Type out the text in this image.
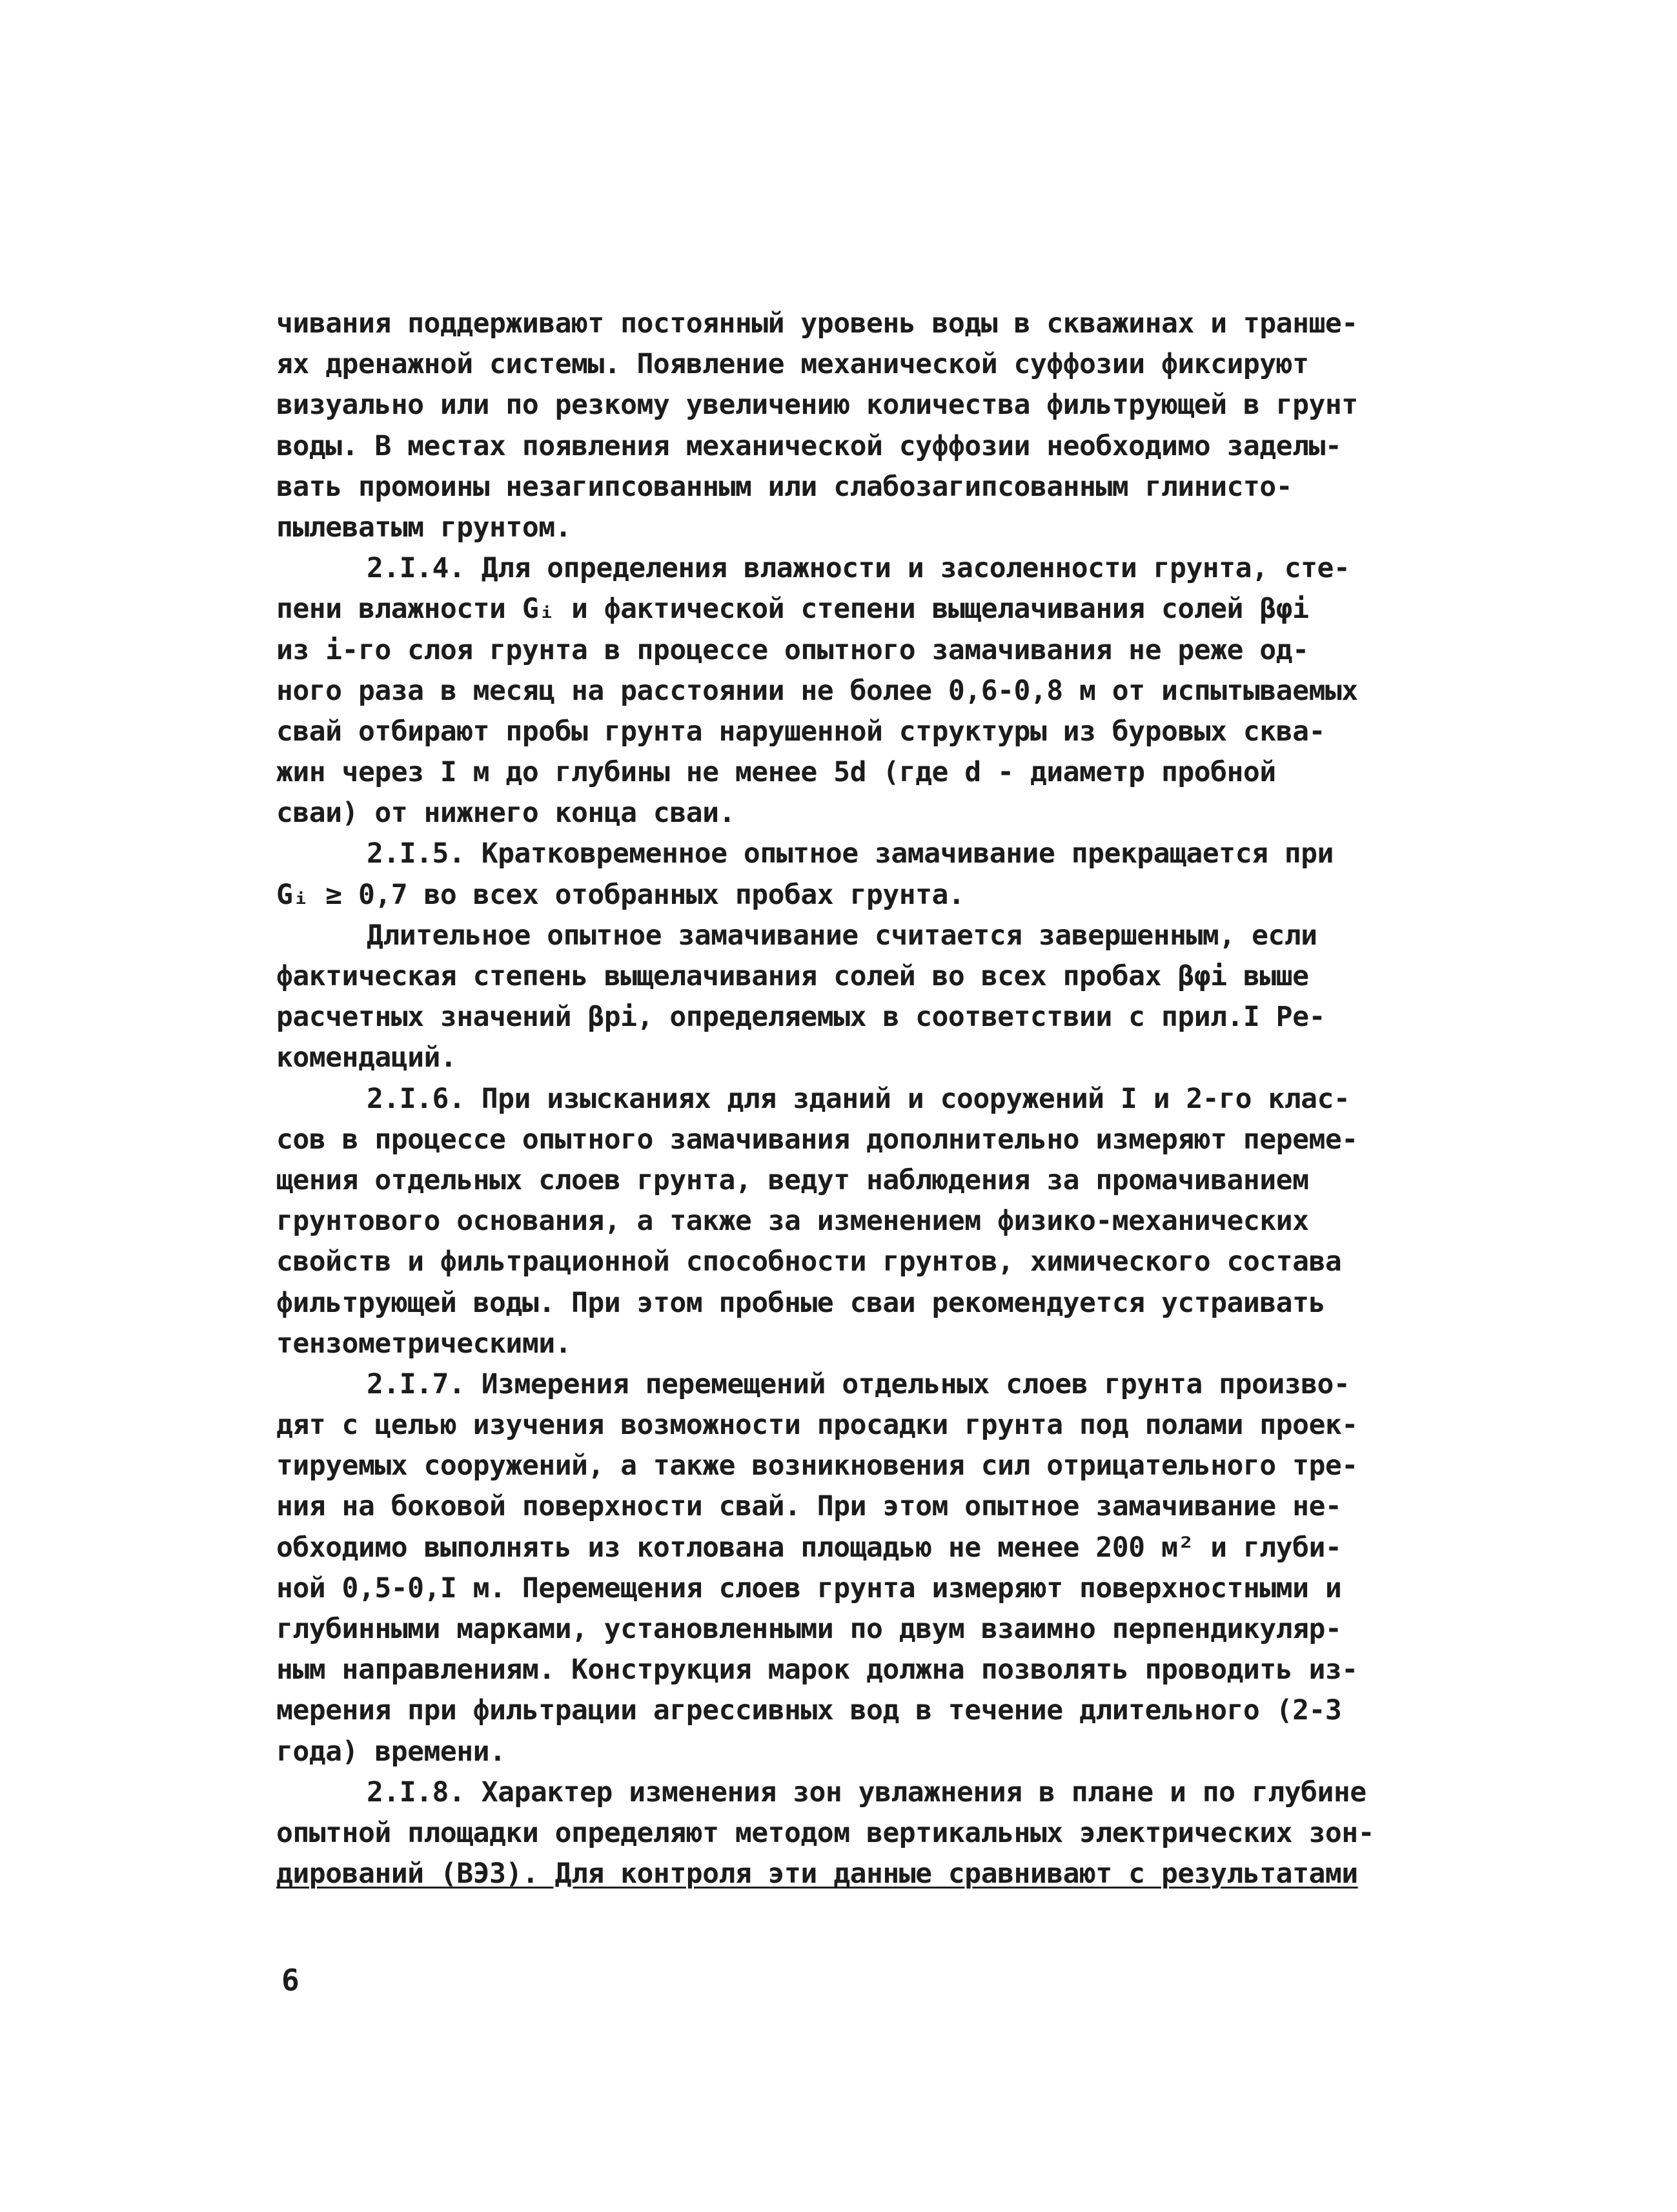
чивания поддерживают постоянный уровень воды в скважинах и транше-
ях дренажной системы. Появление механической суффозии фиксируют
визуально или по резкому увеличению количества фильтрующей в грунт
воды. В местах появления механической суффозии необходимо заделы-
вать промоины незагипсованным или слабозагипсованным глинисто-
пылеватым грунтом.
2.I.4. Для определения влажности и засоленности грунта, сте-
пени влажности Gᵢ и фактической степени выщелачивания солей βφi
из i-го слоя грунта в процессе опытного замачивания не реже од-
ного раза в месяц на расстоянии не более 0,6-0,8 м от испытываемых
свай отбирают пробы грунта нарушенной структуры из буровых сква-
жин через I м до глубины не менее 5d (где d - диаметр пробной
сваи) от нижнего конца сваи.
2.I.5. Кратковременное опытное замачивание прекращается при
Gᵢ ≥ 0,7 во всех отобранных пробах грунта.
Длительное опытное замачивание считается завершенным, если
фактическая степень выщелачивания солей во всех пробах βφi выше
расчетных значений βpi, определяемых в соответствии с прил.I Ре-
комендаций.
2.I.6. При изысканиях для зданий и сооружений I и 2-го клас-
сов в процессе опытного замачивания дополнительно измеряют переме-
щения отдельных слоев грунта, ведут наблюдения за промачиванием
грунтового основания, а также за изменением физико-механических
свойств и фильтрационной способности грунтов, химического состава
фильтрующей воды. При этом пробные сваи рекомендуется устраивать
тензометрическими.
2.I.7. Измерения перемещений отдельных слоев грунта произво-
дят с целью изучения возможности просадки грунта под полами проек-
тируемых сооружений, а также возникновения сил отрицательного тре-
ния на боковой поверхности свай. При этом опытное замачивание не-
обходимо выполнять из котлована площадью не менее 200 м² и глуби-
ной 0,5-0,I м. Перемещения слоев грунта измеряют поверхностными и
глубинными марками, установленными по двум взаимно перпендикуляр-
ным направлениям. Конструкция марок должна позволять проводить из-
мерения при фильтрации агрессивных вод в течение длительного (2-3
года) времени.
2.I.8. Характер изменения зон увлажнения в плане и по глубине
опытной площадки определяют методом вертикальных электрических зон-
дирований (ВЭЗ). Для контроля эти данные сравнивают с результатами
6
